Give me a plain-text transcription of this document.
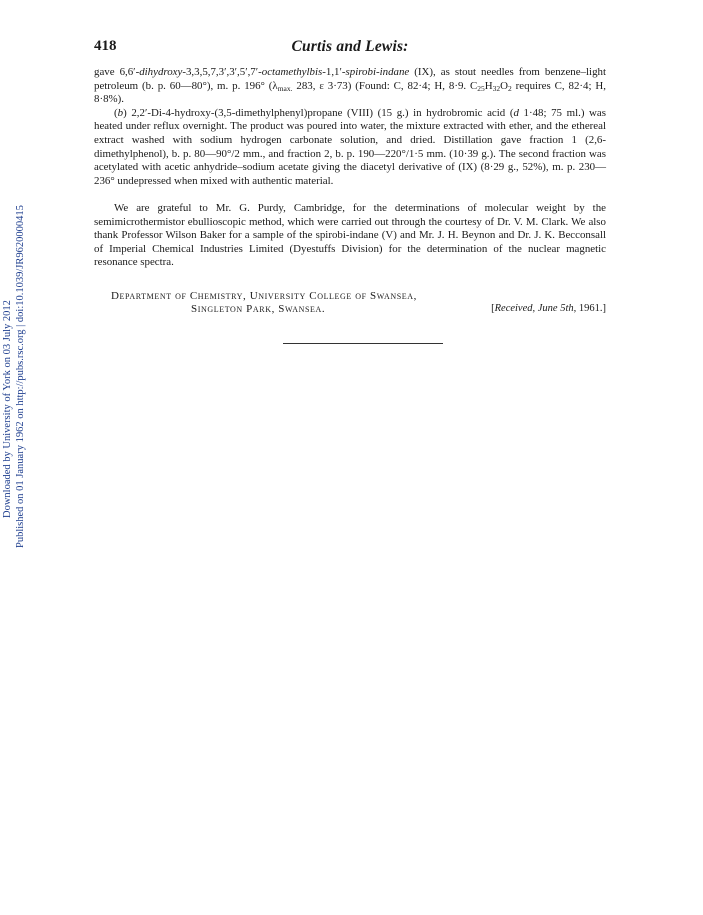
Downloaded by University of York on 03 July 2012 Published on 01 January 1962 on http://pubs.rsc.org | doi:10.1039/JR9620000415
418	Curtis and Lewis:

gave 6,6′-dihydroxy-3,3,5,7,3′,3′,5′,7′-octamethylbis-1,1′-spirobi-indane (IX), as stout needles from benzene–light petroleum (b. p. 60—80°), m. p. 196° ($\lambda_{max.}$ 283, ε 3·73) (Found: C, 82·4; H, 8·9. $C_{25}H_{32}O_2$ requires C, 82·4; H, 8·8%).

(b) 2,2′-Di-4-hydroxy-(3,5-dimethylphenyl)propane (VIII) (15 g.) in hydrobromic acid (d 1·48; 75 ml.) was heated under reflux overnight. The product was poured into water, the mixture extracted with ether, and the ethereal extract washed with sodium hydrogen carbonate solution, and dried. Distillation gave fraction 1 (2,6-dimethylphenol), b. p. 80—90°/2 mm., and fraction 2, b. p. 190—220°/1·5 mm. (10·39 g.). The second fraction was acetylated with acetic anhydride–sodium acetate giving the diacetyl derivative of (IX) (8·29 g., 52%), m. p. 230—236° undepressed when mixed with authentic material.

We are grateful to Mr. G. Purdy, Cambridge, for the determinations of molecular weight by the semimicrothermistor ebullioscopic method, which were carried out through the courtesy of Dr. V. M. Clark. We also thank Professor Wilson Baker for a sample of the spirobi-indane (V) and Mr. J. H. Beynon and Dr. J. K. Becconsall of Imperial Chemical Industries Limited (Dyestuffs Division) for the determination of the nuclear magnetic resonance spectra.

Department of Chemistry, University College of Swansea,
Singleton Park, Swansea.	[Received, June 5th, 1961.]
